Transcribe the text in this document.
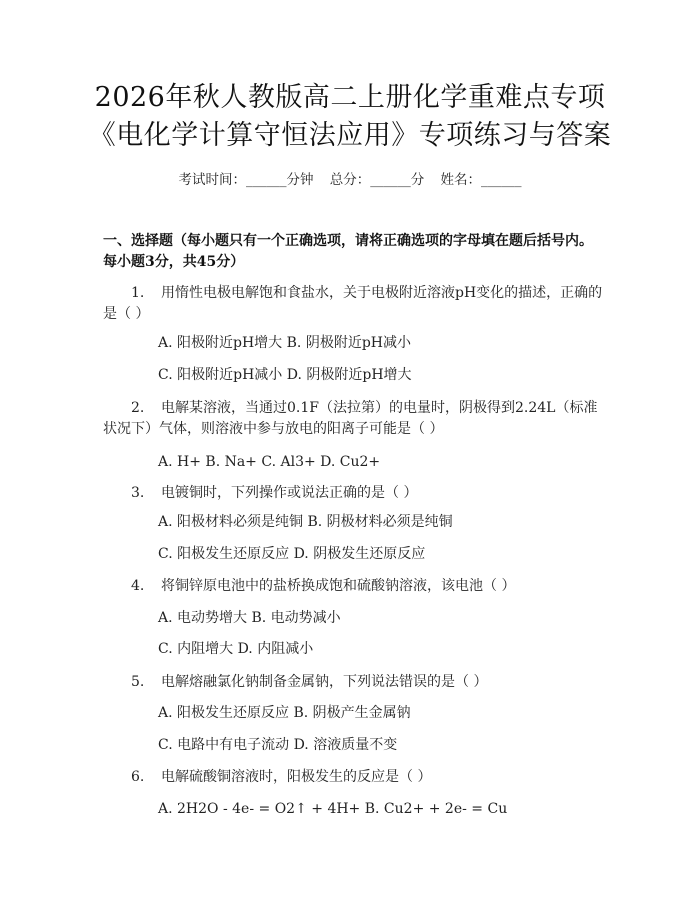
2026年秋人教版高二上册化学重难点专项
《电化学计算守恒法应用》专项练习与答案
考试时间：______分钟 总分：______分 姓名：______
一、选择题（每小题只有一个正确选项，请将正确选项的字母填在题后括号内。每小题3分，共45分）
1. 用惰性电极电解饱和食盐水，关于电极附近溶液pH变化的描述，正确的是（ ）
A. 阳极附近pH增大 B. 阴极附近pH减小
C. 阳极附近pH减小 D. 阴极附近pH增大
2. 电解某溶液，当通过0.1F（法拉第）的电量时，阴极得到2.24L（标准状况下）气体，则溶液中参与放电的阳离子可能是（ ）
A. H+ B. Na+ C. Al3+ D. Cu2+
3. 电镀铜时，下列操作或说法正确的是（ ）
A. 阳极材料必须是纯铜 B. 阴极材料必须是纯铜
C. 阳极发生还原反应 D. 阴极发生还原反应
4. 将铜锌原电池中的盐桥换成饱和硫酸钠溶液，该电池（ ）
A. 电动势增大 B. 电动势减小
C. 内阻增大 D. 内阻减小
5. 电解熔融氯化钠制备金属钠，下列说法错误的是（ ）
A. 阳极发生还原反应 B. 阴极产生金属钠
C. 电路中有电子流动 D. 溶液质量不变
6. 电解硫酸铜溶液时，阳极发生的反应是（ ）
A. 2H2O - 4e- = O2↑ + 4H+ B. Cu2+ + 2e- = Cu
